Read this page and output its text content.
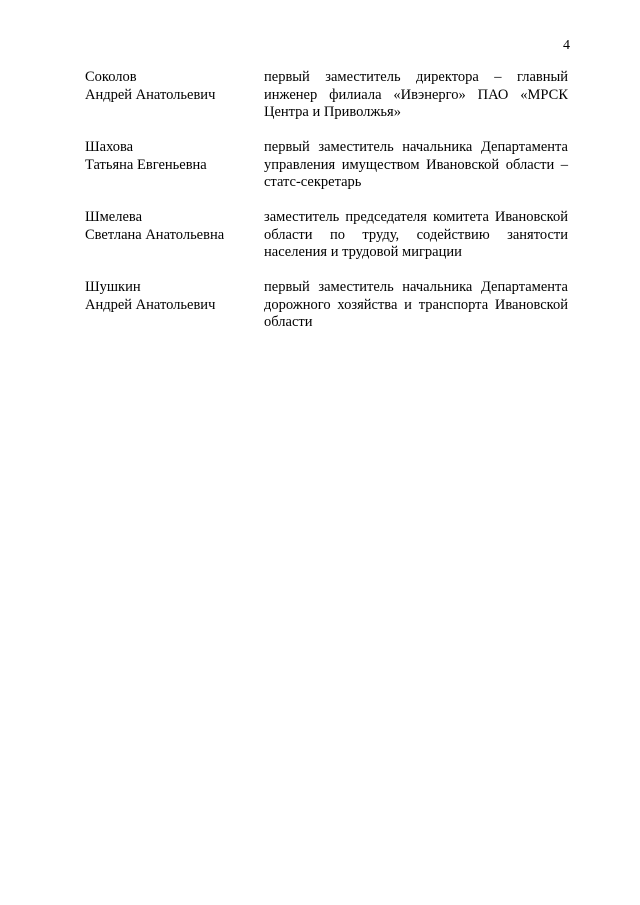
4
Соколов
Андрей Анатольевич
первый заместитель директора – главный инженер филиала «Ивэнерго» ПАО «МРСК Центра и Приволжья»
Шахова
Татьяна Евгеньевна
первый заместитель начальника Департамента управления имуществом Ивановской области – статс-секретарь
Шмелева
Светлана Анатольевна
заместитель председателя комитета Ивановской области по труду, содействию занятости населения и трудовой миграции
Шушкин
Андрей Анатольевич
первый заместитель начальника Департамента дорожного хозяйства и транспорта Ивановской области
